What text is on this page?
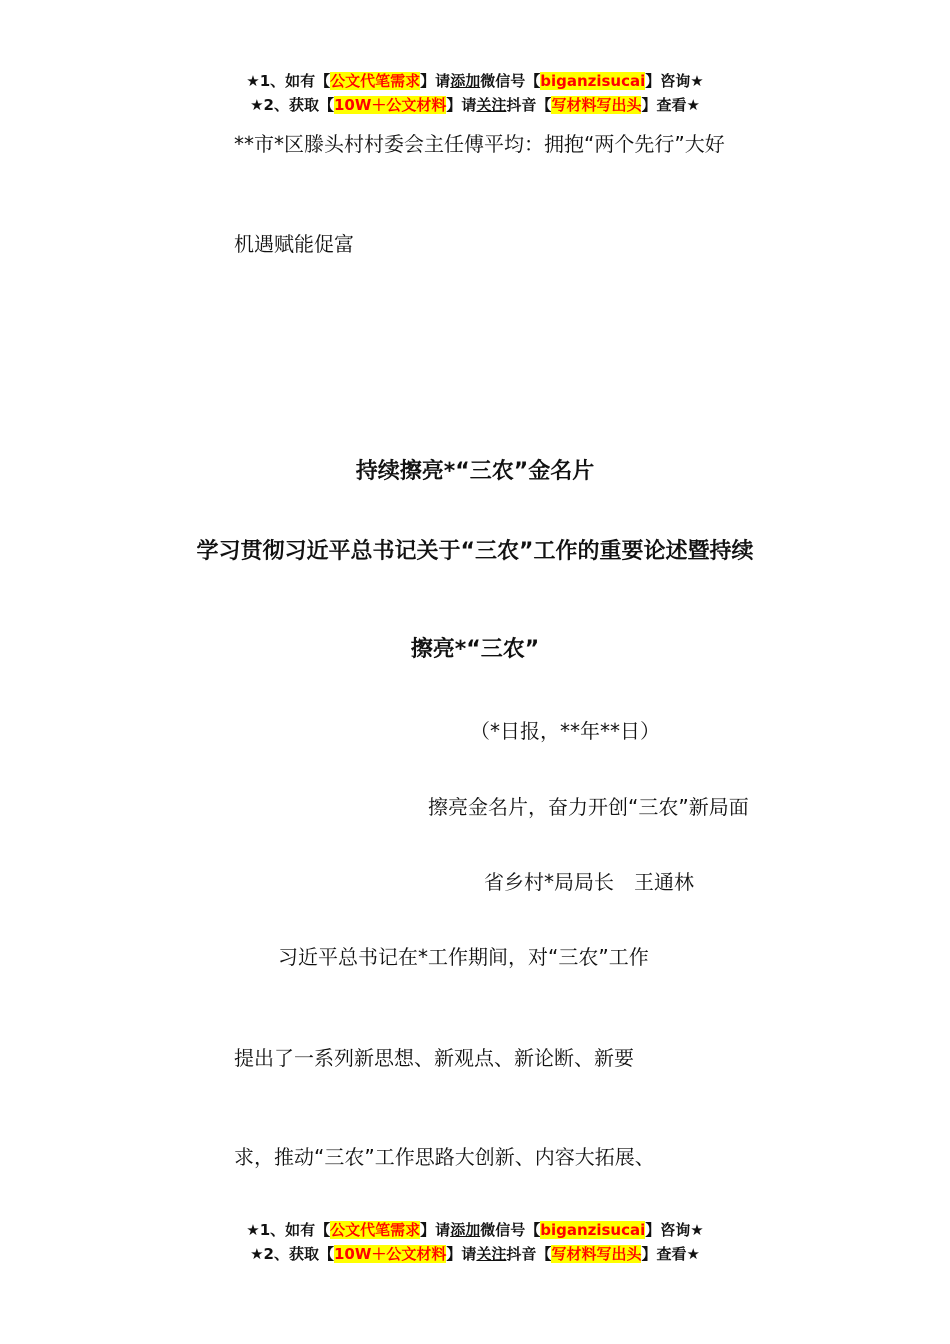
★1、如有【公文代笔需求】请添加微信号【biganzisucai】咨询★
★2、获取【10W＋公文材料】请关注抖音【写材料写出头】查看★
**市*区滕头村村委会主任傅平均：拥抱“两个先行”大好
机遇赋能促富
持续擦亮*“三农”金名片
学习贯彻习近平总书记关于“三农”工作的重要论述暨持续
擦亮*“三农”
（*日报，**年**日）
擦亮金名片，奋力开创“三农”新局面
省乡村*局局长　王通林
习近平总书记在*工作期间，对“三农”工作
提出了一系列新思想、新观点、新论断、新要
求，推动“三农”工作思路大创新、内容大拓展、
★1、如有【公文代笔需求】请添加微信号【biganzisucai】咨询★
★2、获取【10W＋公文材料】请关注抖音【写材料写出头】查看★
